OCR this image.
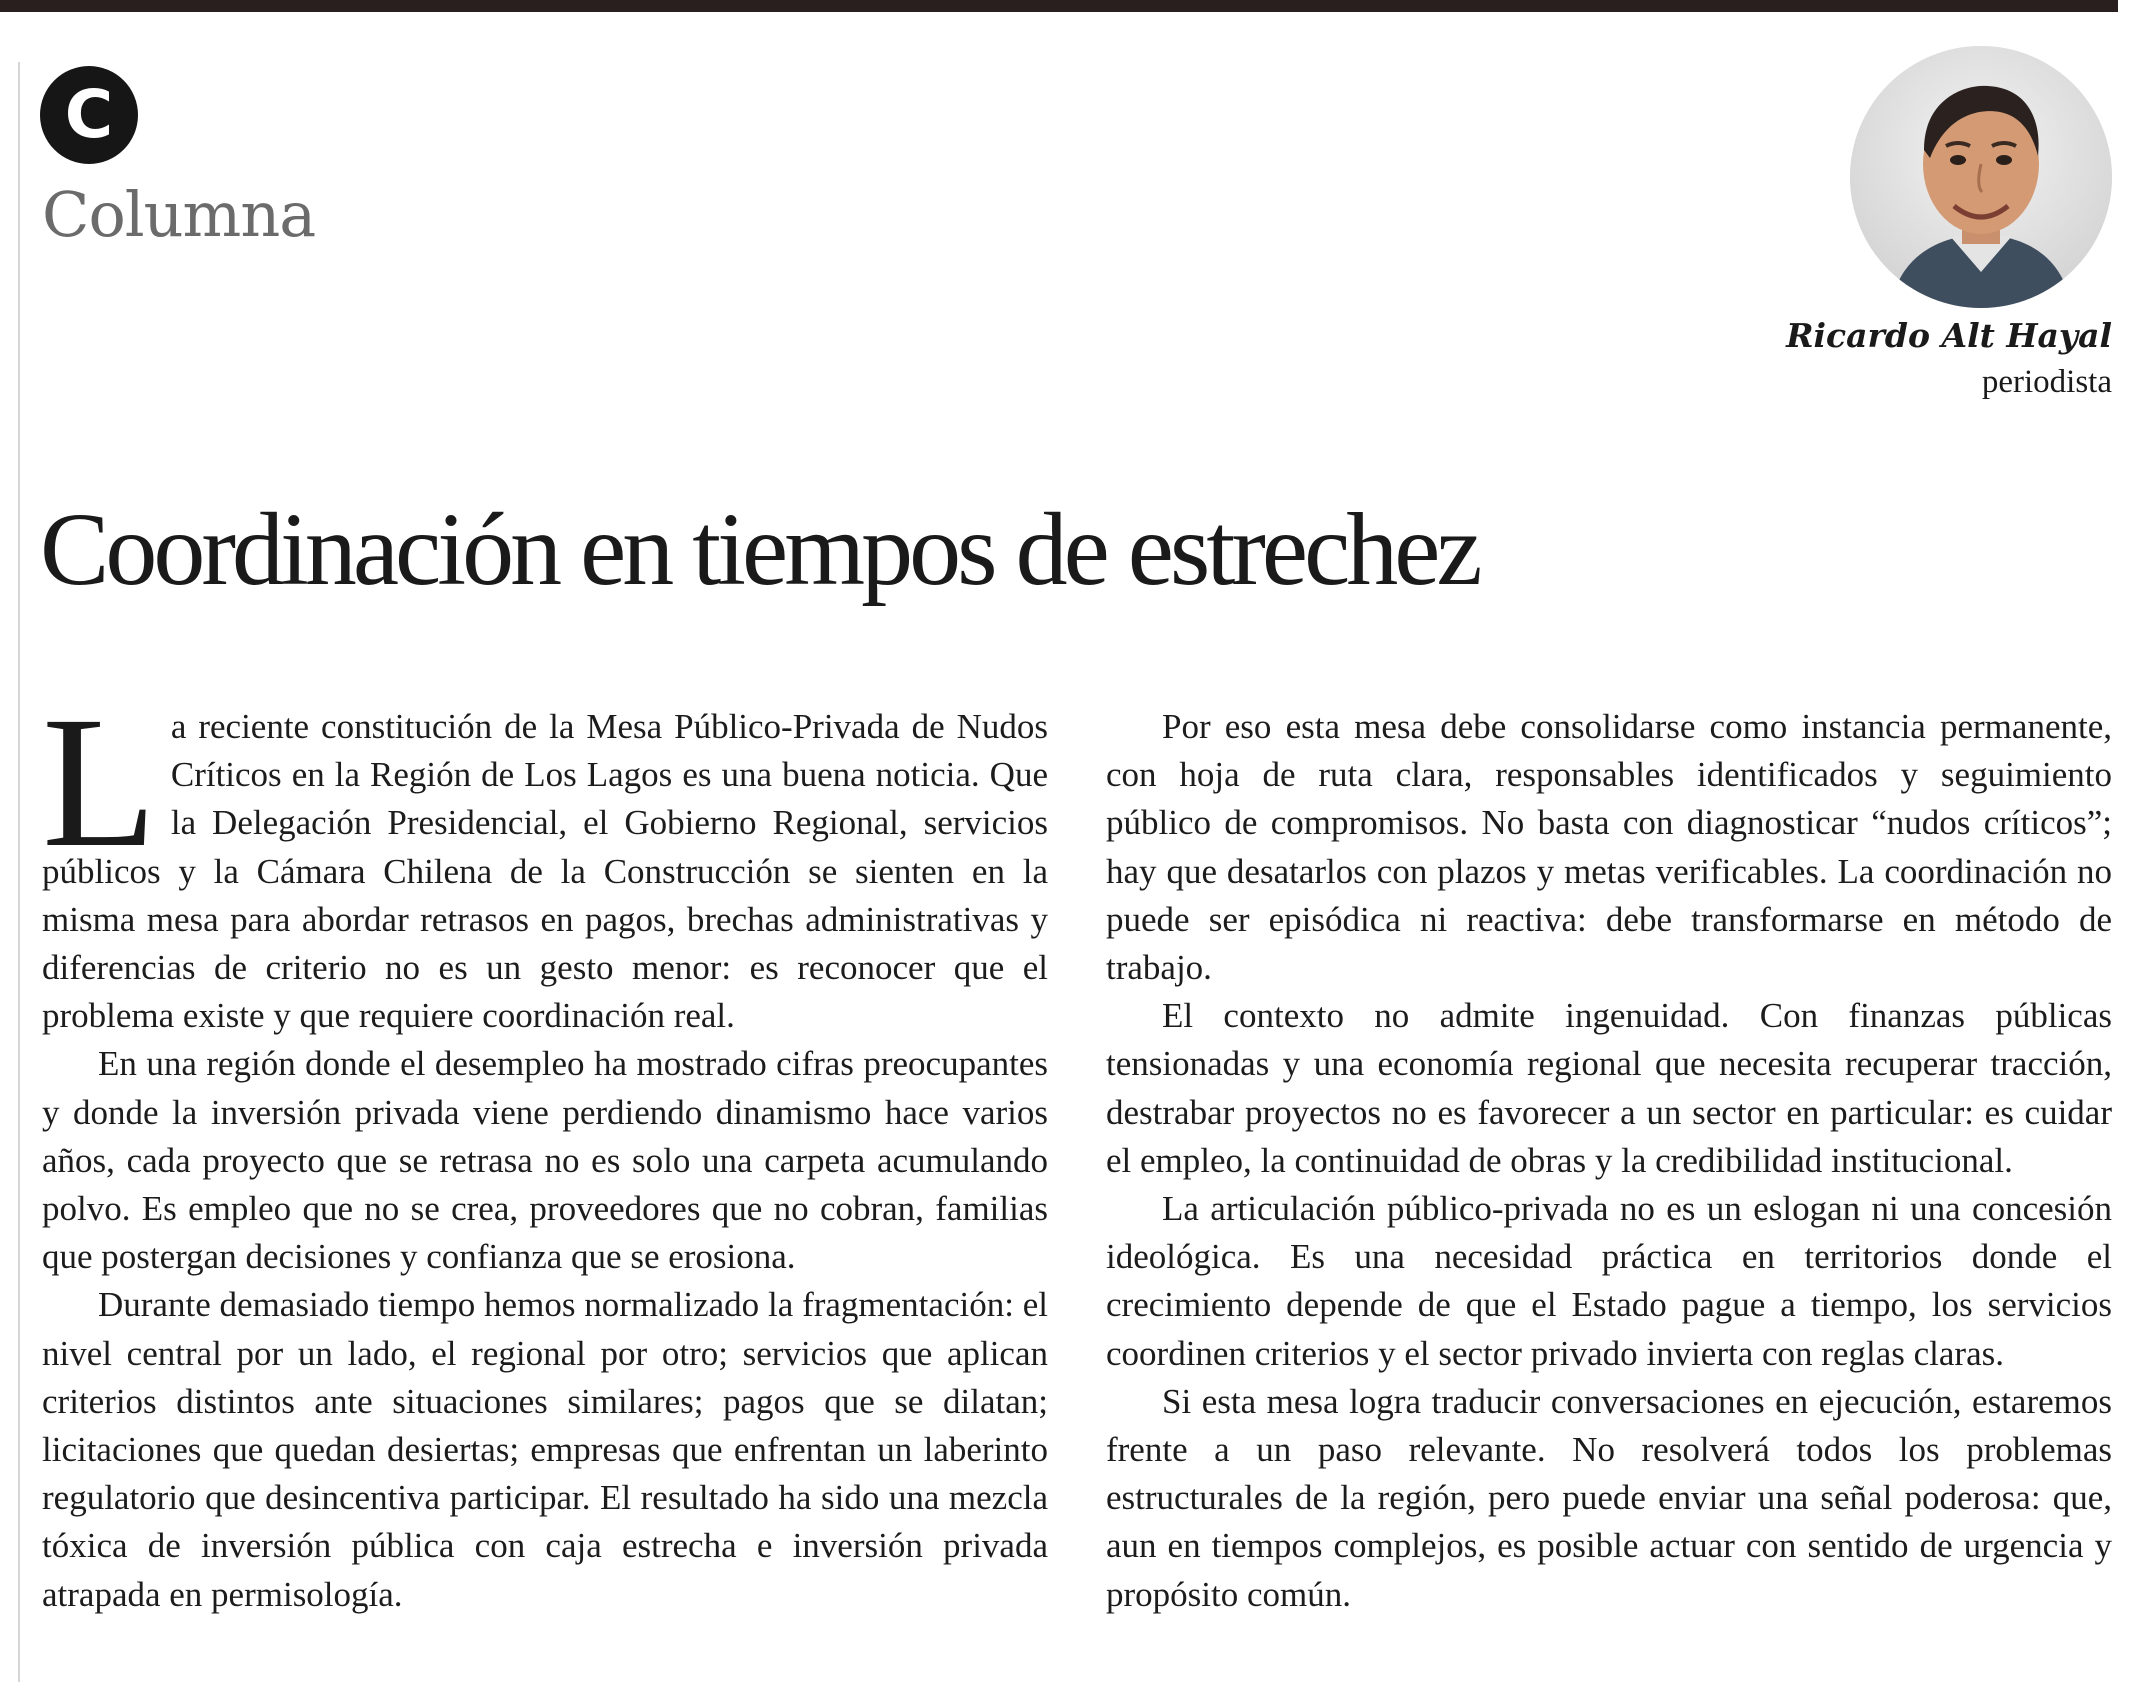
C
Columna
Ricardo Alt Hayal
periodista
Coordinación en tiempos de estrechez

La reciente constitución de la Mesa Público-Privada de Nudos Críticos en la Región de Los Lagos es una buena noticia. Que la Delegación Presidencial, el Gobierno Regional, servicios públicos y la Cámara Chilena de la Construcción se sienten en la misma mesa para abordar retrasos en pagos, brechas administrativas y diferencias de criterio no es un gesto menor: es reconocer que el problema existe y que requiere coordinación real.

En una región donde el desempleo ha mostrado cifras preocupantes y donde la inversión privada viene perdiendo dinamismo hace varios años, cada proyecto que se retrasa no es solo una carpeta acumulando polvo. Es empleo que no se crea, proveedores que no cobran, familias que postergan decisiones y confianza que se erosiona.

Durante demasiado tiempo hemos normalizado la fragmentación: el nivel central por un lado, el regional por otro; servicios que aplican criterios distintos ante situaciones similares; pagos que se dilatan; licitaciones que quedan desiertas; empresas que enfrentan un laberinto regulatorio que desincentiva participar. El resultado ha sido una mezcla tóxica de inversión pública con caja estrecha e inversión privada atrapada en permisología.

Por eso esta mesa debe consolidarse como instancia permanente, con hoja de ruta clara, responsables identificados y seguimiento público de compromisos. No basta con diagnosticar “nudos críticos”; hay que desatarlos con plazos y metas verificables. La coordinación no puede ser episódica ni reactiva: debe transformarse en método de trabajo.

El contexto no admite ingenuidad. Con finanzas públicas tensionadas y una economía regional que necesita recuperar tracción, destrabar proyectos no es favorecer a un sector en particular: es cuidar el empleo, la continuidad de obras y la credibilidad institucional.

La articulación público-privada no es un eslogan ni una concesión ideológica. Es una necesidad práctica en territorios donde el crecimiento depende de que el Estado pague a tiempo, los servicios coordinen criterios y el sector privado invierta con reglas claras.

Si esta mesa logra traducir conversaciones en ejecución, estaremos frente a un paso relevante. No resolverá todos los problemas estructurales de la región, pero puede enviar una señal poderosa: que, aun en tiempos complejos, es posible actuar con sentido de urgencia y propósito común.
